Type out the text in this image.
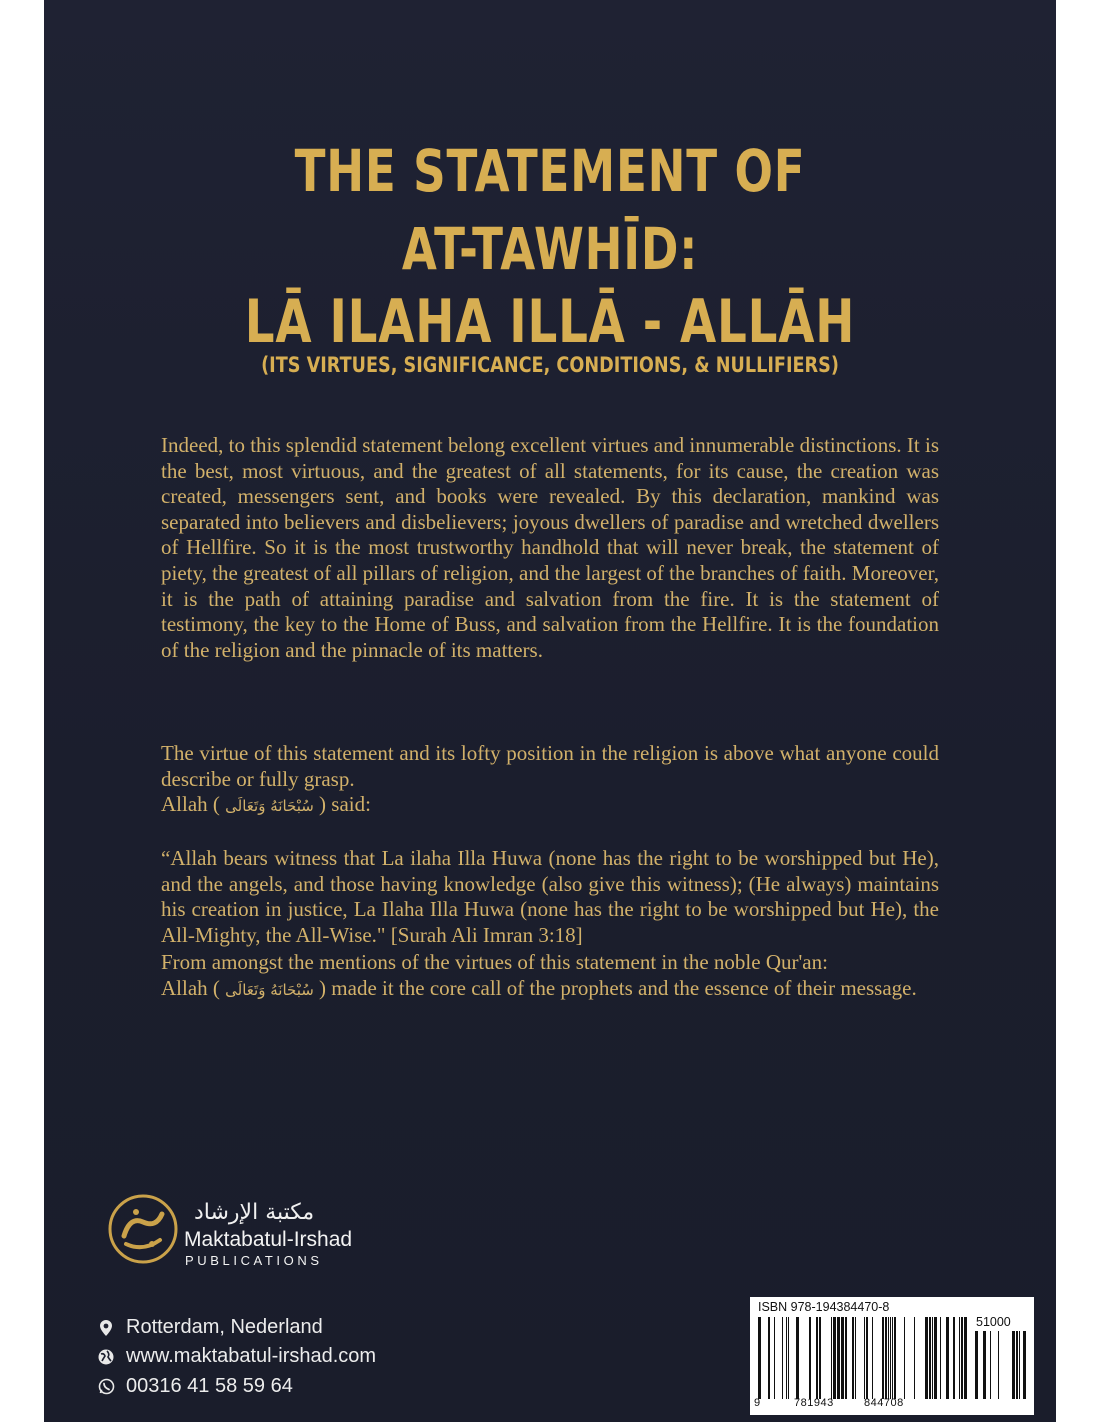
THE STATEMENT OF
AT-TAWHĪD:
LĀ ILAHA ILLĀ - ALLĀH
(ITS VIRTUES, SIGNIFICANCE, CONDITIONS, & NULLIFIERS)

Indeed, to this splendid statement belong excellent virtues and innumerable distinctions. It is the best, most virtuous, and the greatest of all statements, for its cause, the creation was created, messengers sent, and books were revealed. By this declaration, mankind was separated into believers and disbelievers; joyous dwellers of paradise and wretched dwellers of Hellfire. So it is the most trustworthy handhold that will never break, the statement of piety, the greatest of all pillars of religion, and the largest of the branches of faith. Moreover, it is the path of attaining paradise and salvation from the fire. It is the statement of testimony, the key to the Home of Buss, and salvation from the Hellfire. It is the foundation of the religion and the pinnacle of its matters.

The virtue of this statement and its lofty position in the religion is above what anyone could describe or fully grasp.
Allah ( سُبْحَانَهُ وَتَعَالَى ) said:

“Allah bears witness that La ilaha Illa Huwa (none has the right to be worshipped but He), and the angels, and those having knowledge (also give this witness); (He always) maintains his creation in justice, La Ilaha Illa Huwa (none has the right to be worshipped but He), the All-Mighty, the All-Wise." [Surah Ali Imran 3:18]

From amongst the mentions of the virtues of this statement in the noble Qur'an:
Allah ( سُبْحَانَهُ وَتَعَالَى ) made it the core call of the prophets and the essence of their message.

مكتبة الإرشاد
Maktabatul-Irshad
PUBLICATIONS
Rotterdam, Nederland
www.maktabatul-irshad.com
00316 41 58 59 64
ISBN 978-194384470-8
51000
9	781943	844708
